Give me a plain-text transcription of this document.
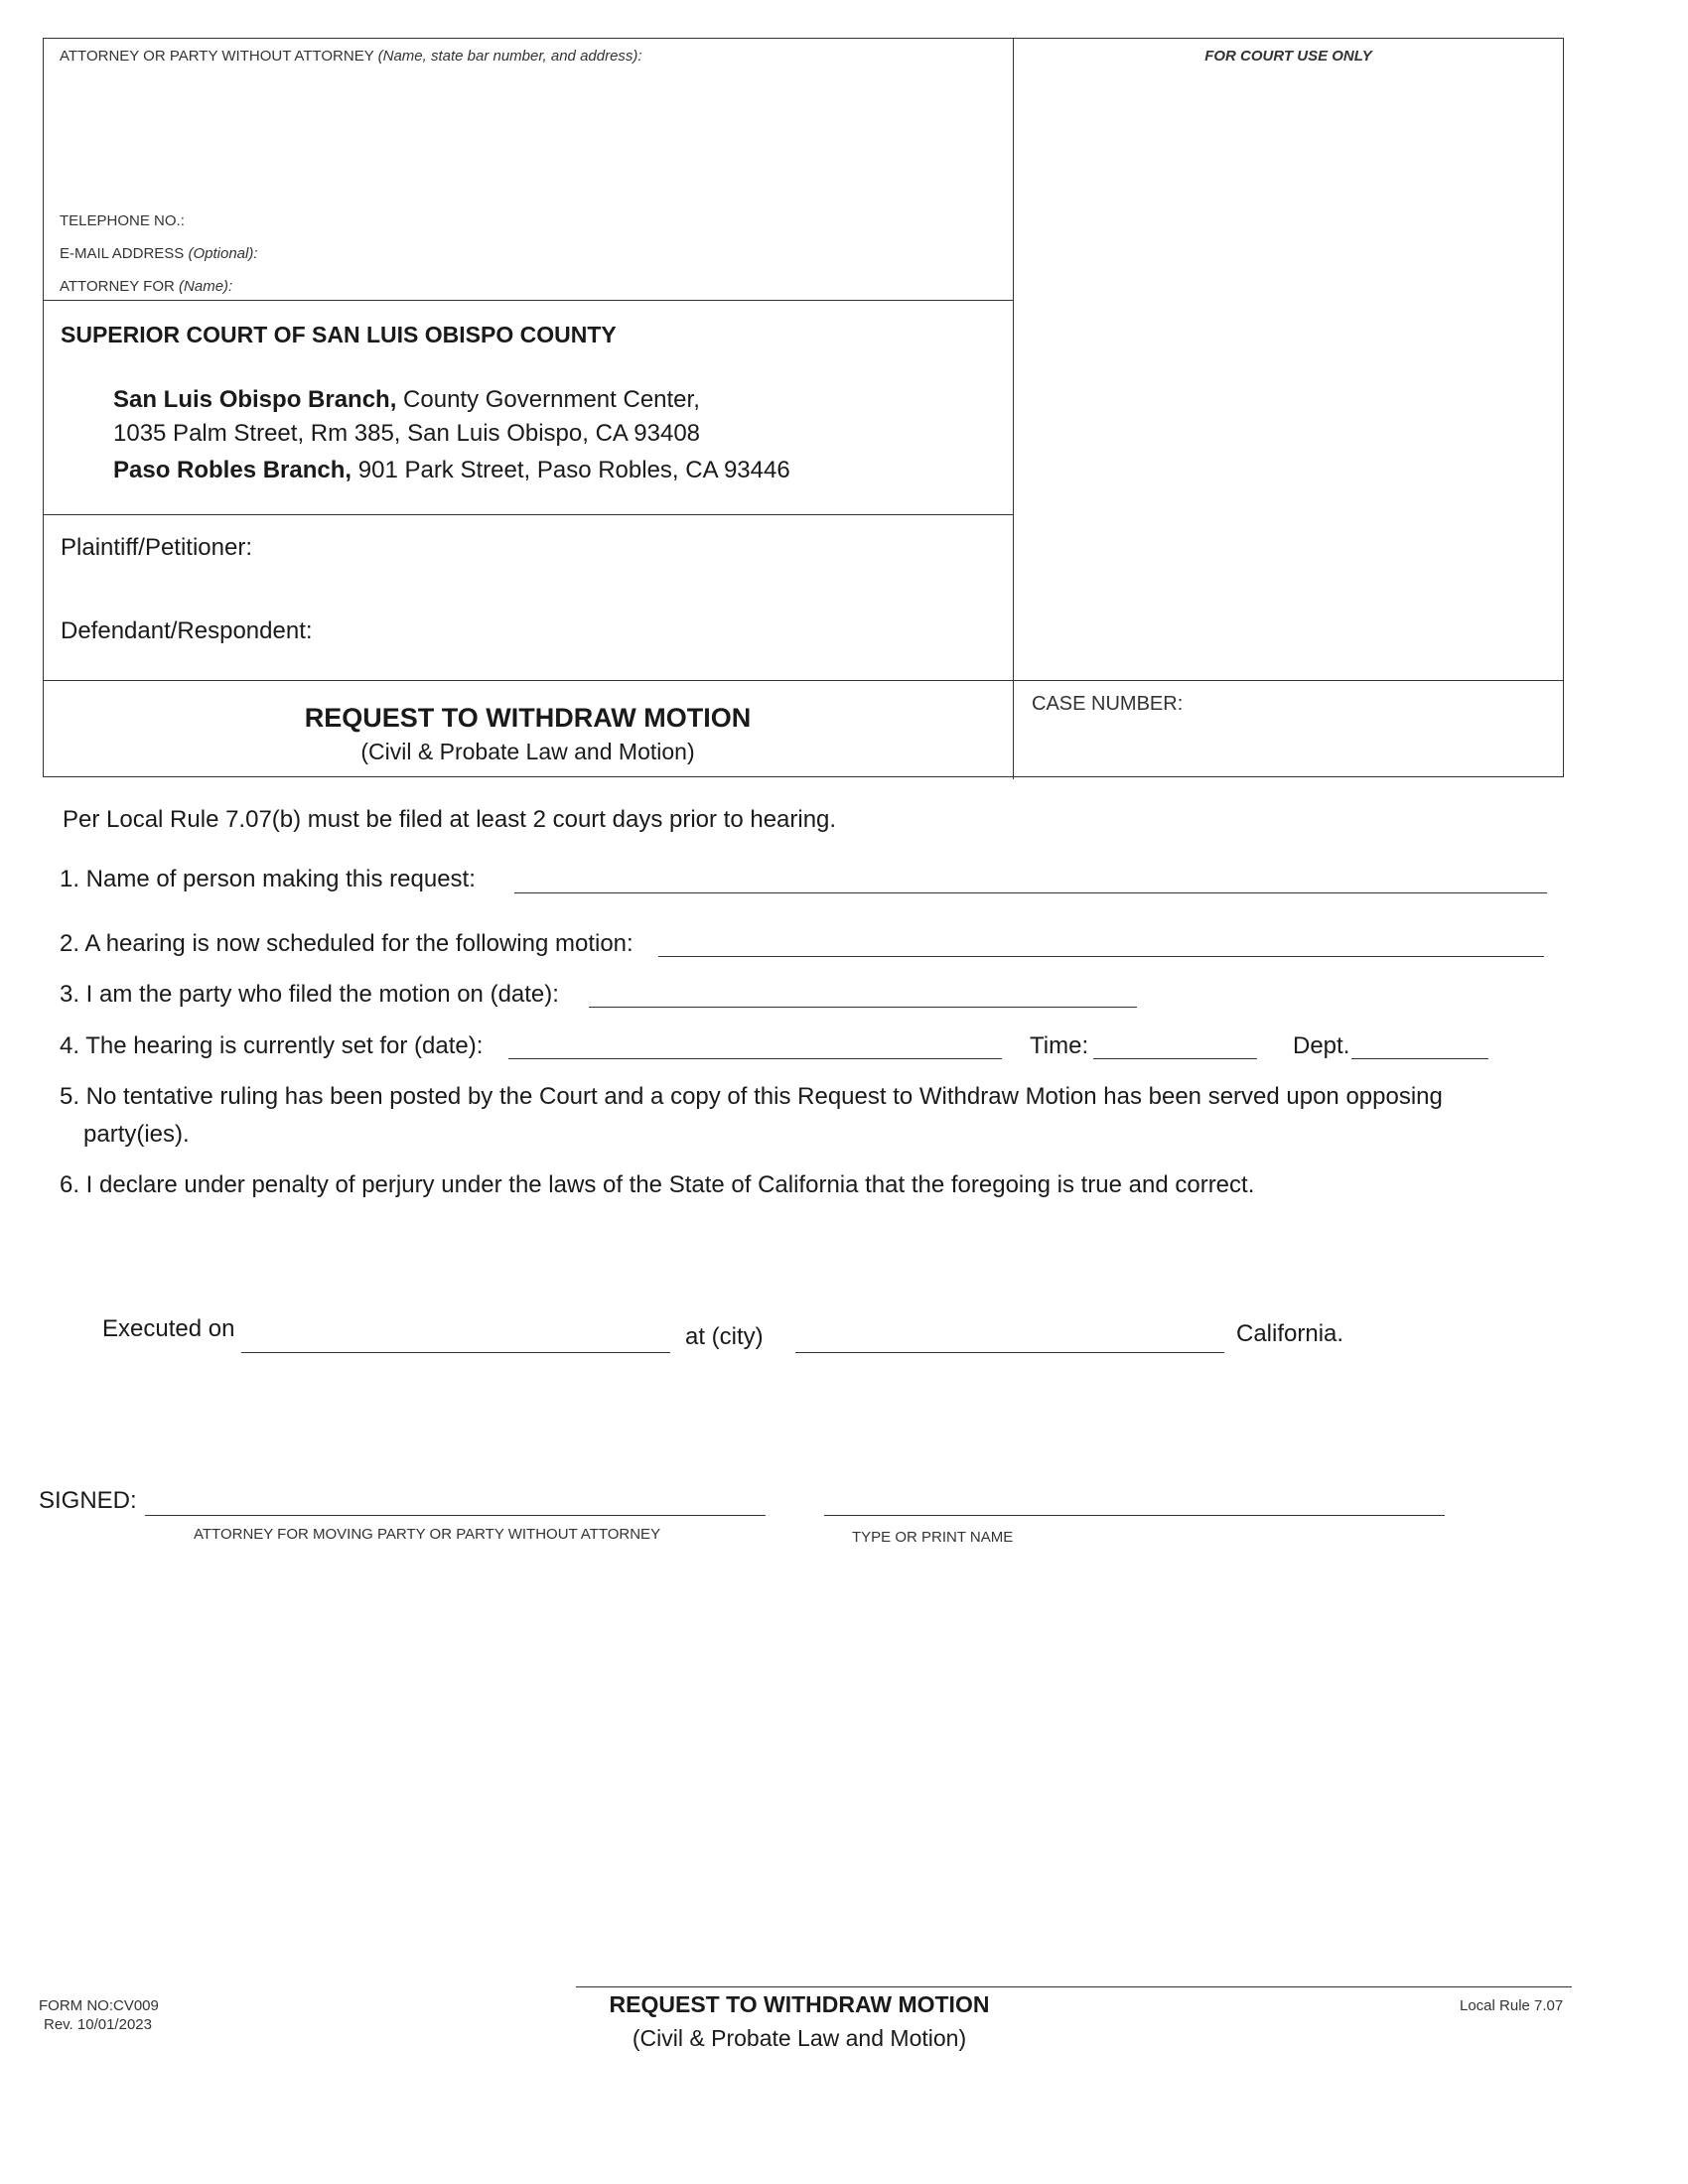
ATTORNEY OR PARTY WITHOUT ATTORNEY (Name, state bar number, and address):
TELEPHONE NO.:
E-MAIL ADDRESS (Optional):
ATTORNEY FOR (Name):
FOR COURT USE ONLY
SUPERIOR COURT OF SAN LUIS OBISPO COUNTY
San Luis Obispo Branch, County Government Center,
1035 Palm Street, Rm 385, San Luis Obispo, CA 93408
Paso Robles Branch, 901 Park Street, Paso Robles, CA 93446
Plaintiff/Petitioner:
Defendant/Respondent:
REQUEST TO WITHDRAW MOTION
(Civil & Probate Law and Motion)
CASE NUMBER:
Per Local Rule 7.07(b) must be filed at least 2 court days prior to hearing.
1. Name of person making this request:
2. A hearing is now scheduled for the following motion:
3. I am the party who filed the motion on (date):
4. The hearing is currently set for (date):	Time:	Dept.
5. No tentative ruling has been posted by the Court and a copy of this Request to Withdraw Motion has been served upon opposing
party(ies).
6. I declare under penalty of perjury under the laws of the State of California that the foregoing is true and correct.
Executed on	at (city)	California.
SIGNED:
ATTORNEY FOR MOVING PARTY OR PARTY WITHOUT ATTORNEY	TYPE OR PRINT NAME
FORM NO:CV009
Rev. 10/01/2023
REQUEST TO WITHDRAW MOTION
(Civil & Probate Law and Motion)
Local Rule 7.07
